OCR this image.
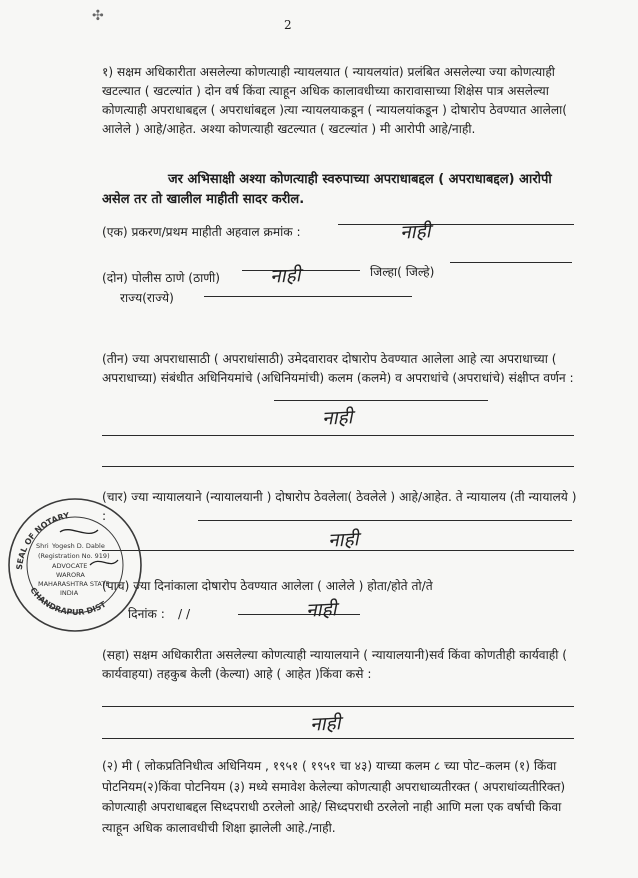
✣
2
१) सक्षम अधिकारीता असलेल्या कोणत्याही न्यायलयात ( न्यायलयांत) प्रलंबित असलेल्या ज्या कोणत्याही खटल्यात ( खटल्यांत ) दोन वर्ष किंवा त्याहून अधिक कालावधीच्या कारावासाच्या शिक्षेस पात्र असलेल्या कोणत्याही अपराधाबद्दल ( अपराधांबद्दल )त्या न्यायलयाकडून ( न्यायलयांकडून ) दोषारोप ठेवण्यात आलेला( आलेले ) आहे/आहेत. अश्या कोणत्याही खटल्यात ( खटल्यांत ) मी आरोपी आहे/नाही.
जर अभिसाक्षी अश्या कोणत्याही स्वरुपाच्या अपराधाबद्दल ( अपराधाबद्दल) आरोपी असेल तर तो खालील माहीती सादर करील.
(एक) प्रकरण/प्रथम माहीती अहवाल क्रमांक :	नाही
(दोन) पोलीस ठाणे (ठाणी)	नाही	जिल्हा( जिल्हे)
राज्य(राज्ये)
(तीन) ज्या अपराधासाठी ( अपराधांसाठी) उमेदवारावर दोषारोप ठेवण्यात आलेला आहे त्या अपराधाच्या ( अपराधाच्या) संबंधीत अधिनियमांचे (अधिनियमांची) कलम (कलमे) व अपराधांचे (अपराधांचे) संक्षीप्त वर्णन :
नाही
(चार) ज्या न्यायालयाने (न्यायालयानी ) दोषारोप ठेवलेला( ठेवलेले ) आहे/आहेत. ते न्यायालय (ती न्यायालये ) :
नाही
(पाच) ज्या दिनांकाला दोषारोप ठेवण्यात आलेला ( आलेले ) होता/होते तो/ते
दिनांक : / /	नाही
(सहा) सक्षम अधिकारीता असलेल्या कोणत्याही न्यायालयाने ( न्यायालयानी)सर्व किंवा कोणतीही कार्यवाही ( कार्यवाहया) तहकुब केली (केल्या) आहे ( आहेत )किंवा कसे :
नाही
(२) मी ( लोकप्रतिनिधीत्व अधिनियम , १९५१ ( १९५१ चा ४३) याच्या कलम ८ च्या पोट–कलम (१) किंवा पोटनियम(२)किंवा पोटनियम (३) मध्ये समावेश केलेल्या कोणत्याही अपराधाव्यतीरक्त ( अपराधांव्यतीरिक्त) कोणत्याही अपराधाबद्दल सिध्दपराधी ठरलेलो आहे/ सिध्दपराधी ठरलेलो नाही आणि मला एक वर्षाची किवा त्याहून अधिक कालावधीची शिक्षा झालेली आहे./नाही.
SEAL OF NOTARY
CHANDRAPUR DIST
Shri Yogesh D. Dable
(Registration No. 919)
ADVOCATE
WARORA
MAHARASHTRA STATE
INDIA
